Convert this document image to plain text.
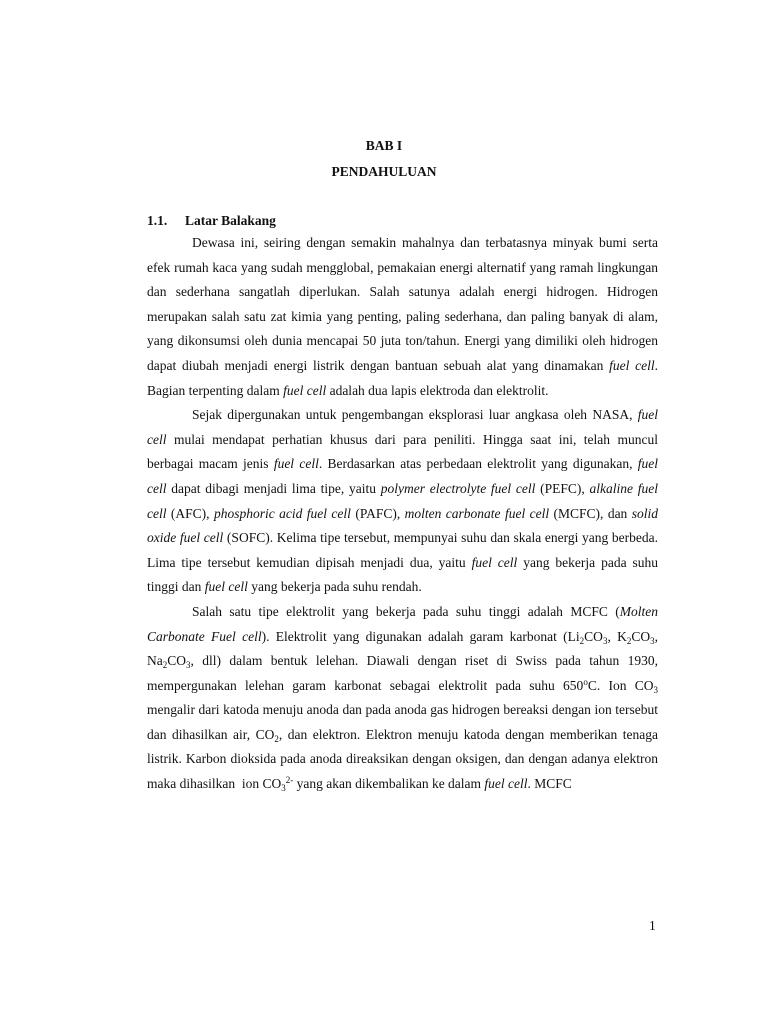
BAB I
PENDAHULUAN
1.1. Latar Balakang

Dewasa ini, seiring dengan semakin mahalnya dan terbatasnya minyak bumi serta efek rumah kaca yang sudah mengglobal, pemakaian energi alternatif yang ramah lingkungan dan sederhana sangatlah diperlukan. Salah satunya adalah energi hidrogen. Hidrogen merupakan salah satu zat kimia yang penting, paling sederhana, dan paling banyak di alam, yang dikonsumsi oleh dunia mencapai 50 juta ton/tahun. Energi yang dimiliki oleh hidrogen dapat diubah menjadi energi listrik dengan bantuan sebuah alat yang dinamakan fuel cell. Bagian terpenting dalam fuel cell adalah dua lapis elektroda dan elektrolit.

Sejak dipergunakan untuk pengembangan eksplorasi luar angkasa oleh NASA, fuel cell mulai mendapat perhatian khusus dari para peniliti. Hingga saat ini, telah muncul berbagai macam jenis fuel cell. Berdasarkan atas perbedaan elektrolit yang digunakan, fuel cell dapat dibagi menjadi lima tipe, yaitu polymer electrolyte fuel cell (PEFC), alkaline fuel cell (AFC), phosphoric acid fuel cell (PAFC), molten carbonate fuel cell (MCFC), dan solid oxide fuel cell (SOFC). Kelima tipe tersebut, mempunyai suhu dan skala energi yang berbeda. Lima tipe tersebut kemudian dipisah menjadi dua, yaitu fuel cell yang bekerja pada suhu tinggi dan fuel cell yang bekerja pada suhu rendah.

Salah satu tipe elektrolit yang bekerja pada suhu tinggi adalah MCFC (Molten Carbonate Fuel cell). Elektrolit yang digunakan adalah garam karbonat ($Li_2CO_3$, $K_2CO_3$, $Na_2CO_3$, dll) dalam bentuk lelehan. Diawali dengan riset di Swiss pada tahun 1930, mempergunakan lelehan garam karbonat sebagai elektrolit pada suhu 650$^o$C. Ion $CO_3$ mengalir dari katoda menuju anoda dan pada anoda gas hidrogen bereaksi dengan ion tersebut dan dihasilkan air, $CO_2$, dan elektron. Elektron menuju katoda dengan memberikan tenaga listrik. Karbon dioksida pada anoda direaksikan dengan oksigen, dan dengan adanya elektron maka dihasilkan  ion $CO_3^{2-}$ yang akan dikembalikan ke dalam fuel cell. MCFC

1
